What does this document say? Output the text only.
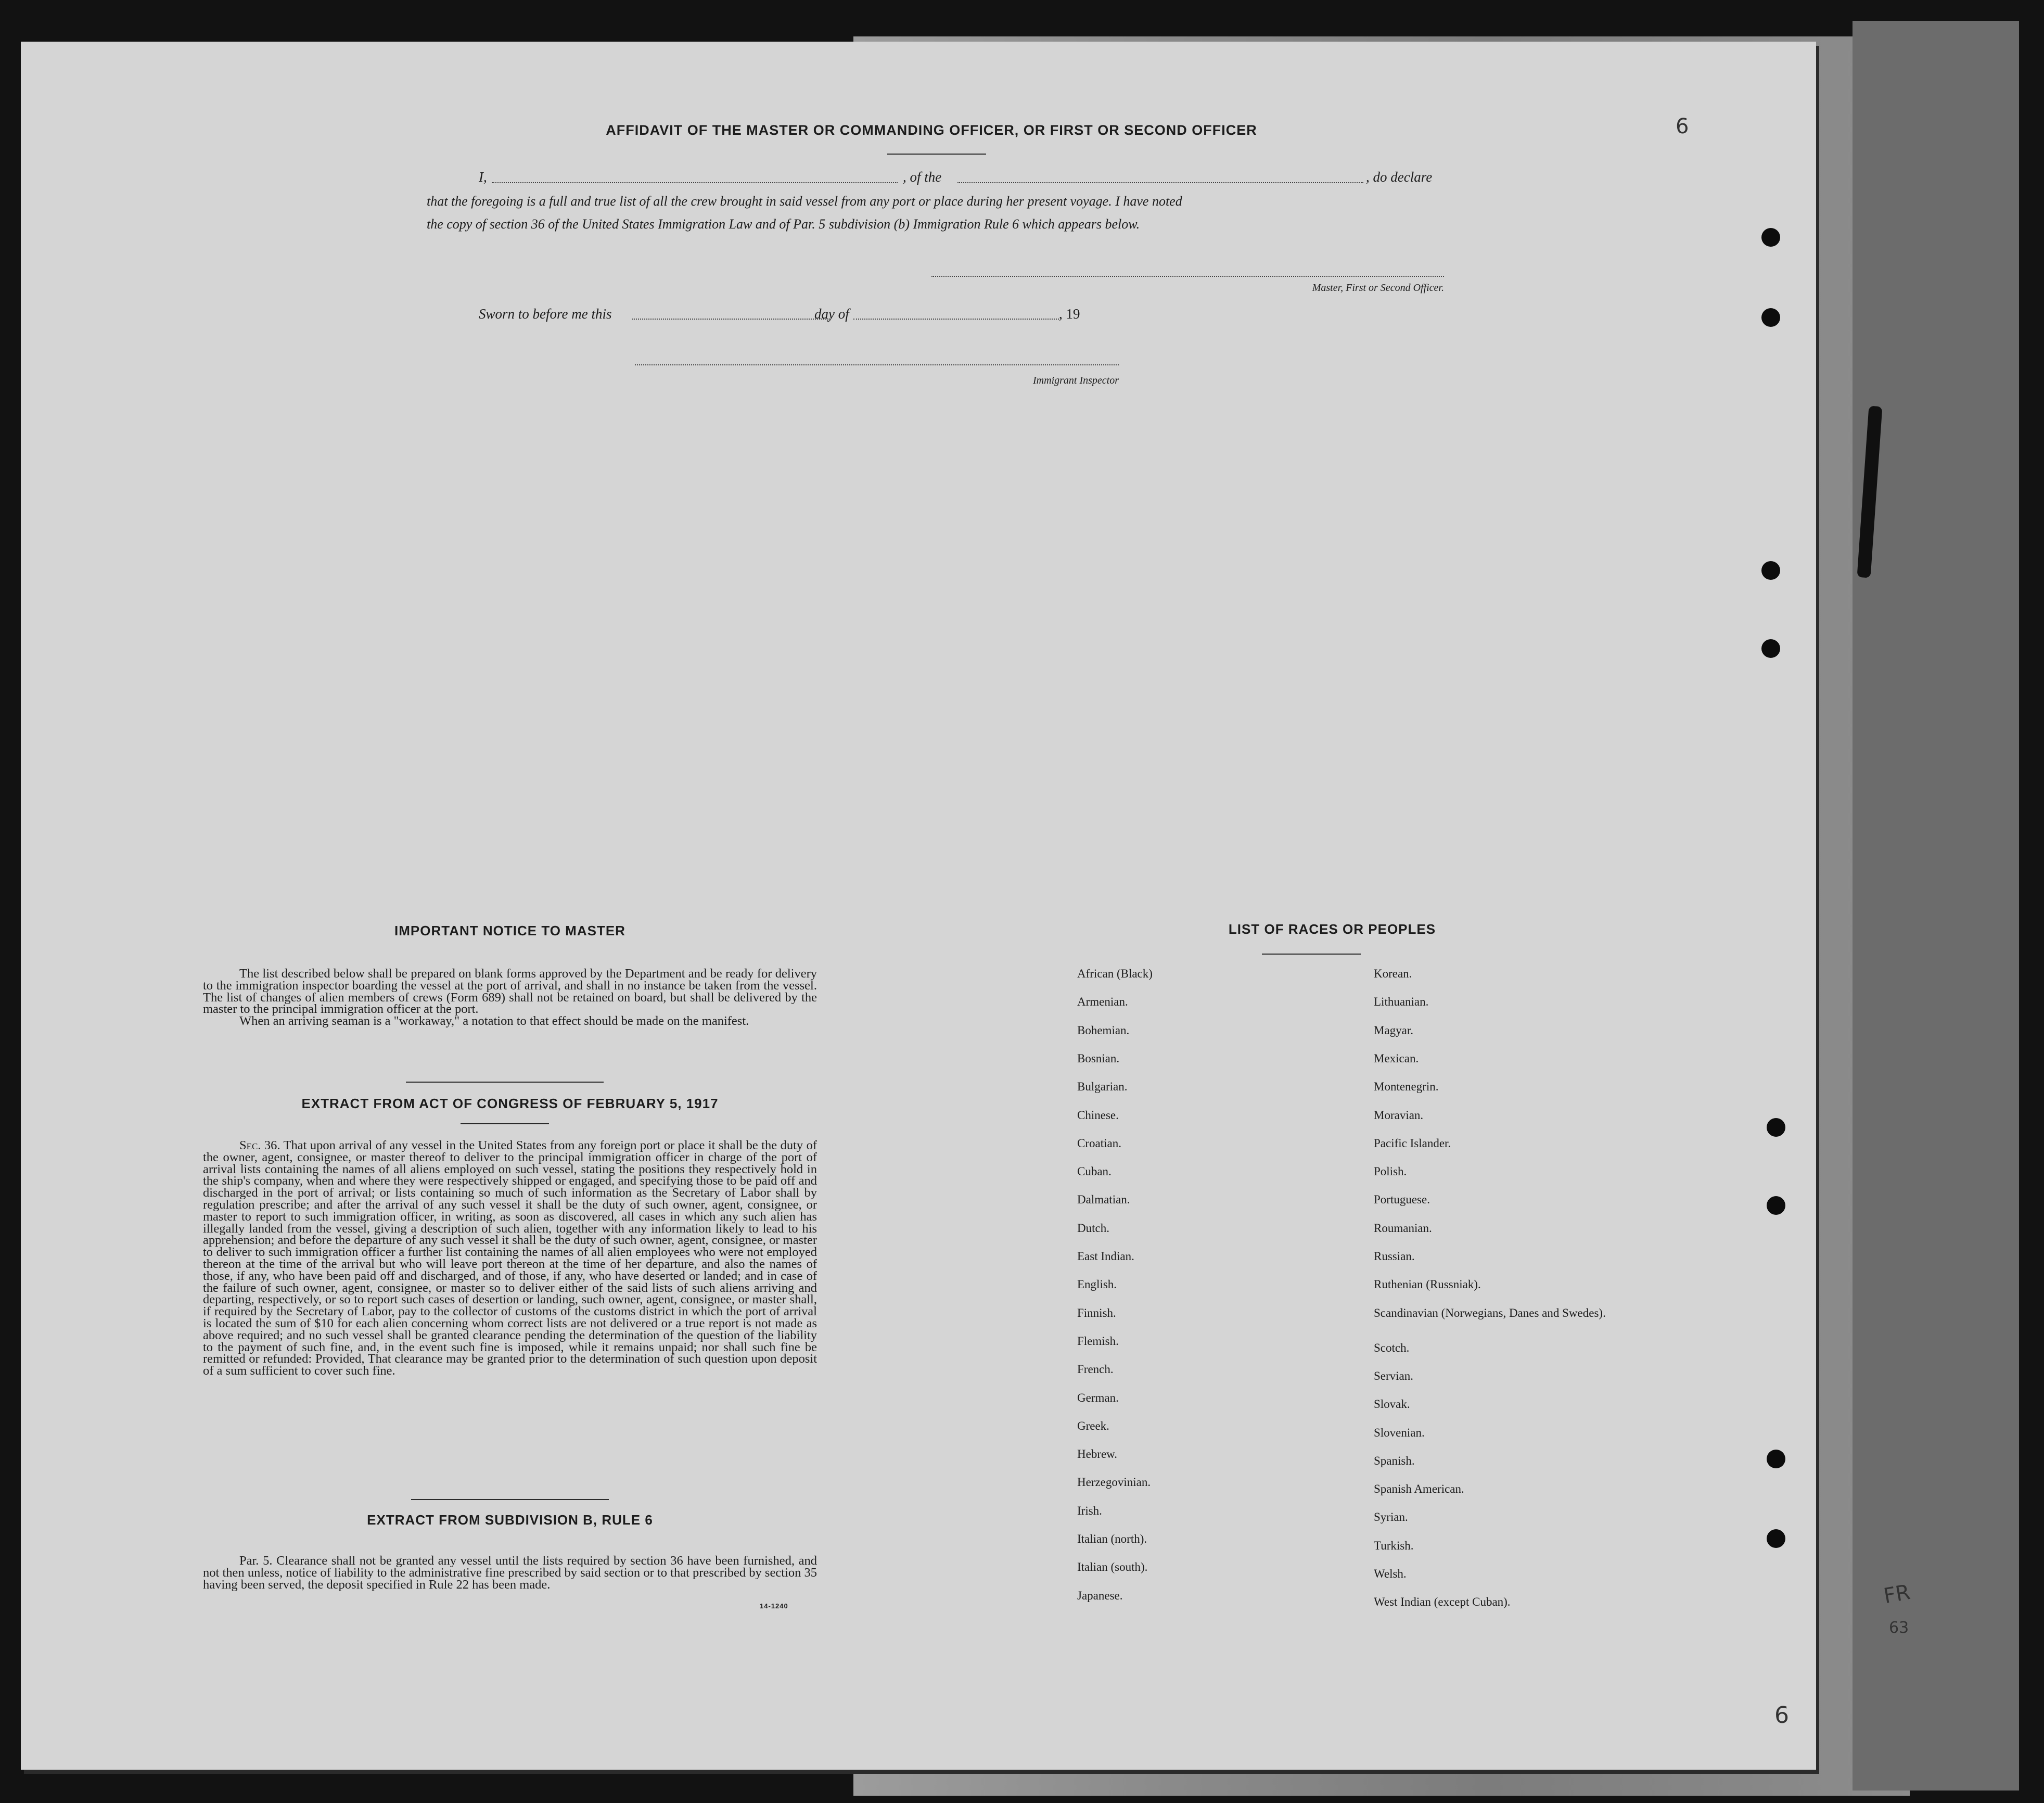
AFFIDAVIT OF THE MASTER OR COMMANDING OFFICER, OR FIRST OR SECOND OFFICER
I,	, of the	, do declare
that the foregoing is a full and true list of all the crew brought in said vessel from any port or place during her present voyage. I have noted
the copy of section 36 of the United States Immigration Law and of Par. 5 subdivision (b) Immigration Rule 6 which appears below.
Master, First or Second Officer.
Sworn to before me this	day of	, 19
Immigrant Inspector
IMPORTANT NOTICE TO MASTER

The list described below shall be prepared on blank forms approved by the Department and be ready for delivery to the immigration inspector boarding the vessel at the port of arrival, and shall in no instance be taken from the vessel. The list of changes of alien members of crews (Form 689) shall not be retained on board, but shall be delivered by the master to the principal immigration officer at the port.

When an arriving seaman is a "workaway," a notation to that effect should be made on the manifest.

EXTRACT FROM ACT OF CONGRESS OF FEBRUARY 5, 1917

Sec. 36. That upon arrival of any vessel in the United States from any foreign port or place it shall be the duty of the owner, agent, consignee, or master thereof to deliver to the principal immigration officer in charge of the port of arrival lists containing the names of all aliens employed on such vessel, stating the positions they respectively hold in the ship's company, when and where they were respectively shipped or engaged, and specifying those to be paid off and discharged in the port of arrival; or lists containing so much of such information as the Secretary of Labor shall by regulation prescribe; and after the arrival of any such vessel it shall be the duty of such owner, agent, consignee, or master to report to such immigration officer, in writing, as soon as discovered, all cases in which any such alien has illegally landed from the vessel, giving a description of such alien, together with any information likely to lead to his apprehension; and before the departure of any such vessel it shall be the duty of such owner, agent, consignee, or master to deliver to such immigration officer a further list containing the names of all alien employees who were not employed thereon at the time of the arrival but who will leave port thereon at the time of her departure, and also the names of those, if any, who have been paid off and discharged, and of those, if any, who have deserted or landed; and in case of the failure of such owner, agent, consignee, or master so to deliver either of the said lists of such aliens arriving and departing, respectively, or so to report such cases of desertion or landing, such owner, agent, consignee, or master shall, if required by the Secretary of Labor, pay to the collector of customs of the customs district in which the port of arrival is located the sum of $10 for each alien concerning whom correct lists are not delivered or a true report is not made as above required; and no such vessel shall be granted clearance pending the determination of the question of the liability to the payment of such fine, and, in the event such fine is imposed, while it remains unpaid; nor shall such fine be remitted or refunded: Provided, That clearance may be granted prior to the determination of such question upon deposit of a sum sufficient to cover such fine.

EXTRACT FROM SUBDIVISION B, RULE 6

Par. 5. Clearance shall not be granted any vessel until the lists required by section 36 have been furnished, and not then unless, notice of liability to the administrative fine prescribed by said section or to that prescribed by section 35 having been served, the deposit specified in Rule 22 has been made.

14-1240
LIST OF RACES OR PEOPLES
6
FR
63
6
African (Black)
Armenian.
Bohemian.
Bosnian.
Bulgarian.
Chinese.
Croatian.
Cuban.
Dalmatian.
Dutch.
East Indian.
English.
Finnish.
Flemish.
French.
German.
Greek.
Hebrew.
Herzegovinian.
Irish.
Italian (north).
Italian (south).
Japanese.
Korean.
Lithuanian.
Magyar.
Mexican.
Montenegrin.
Moravian.
Pacific Islander.
Polish.
Portuguese.
Roumanian.
Russian.
Ruthenian (Russniak).
Scandinavian (Norwegians, Danes and Swedes).
Scotch.
Servian.
Slovak.
Slovenian.
Spanish.
Spanish American.
Syrian.
Turkish.
Welsh.
West Indian (except Cuban).
